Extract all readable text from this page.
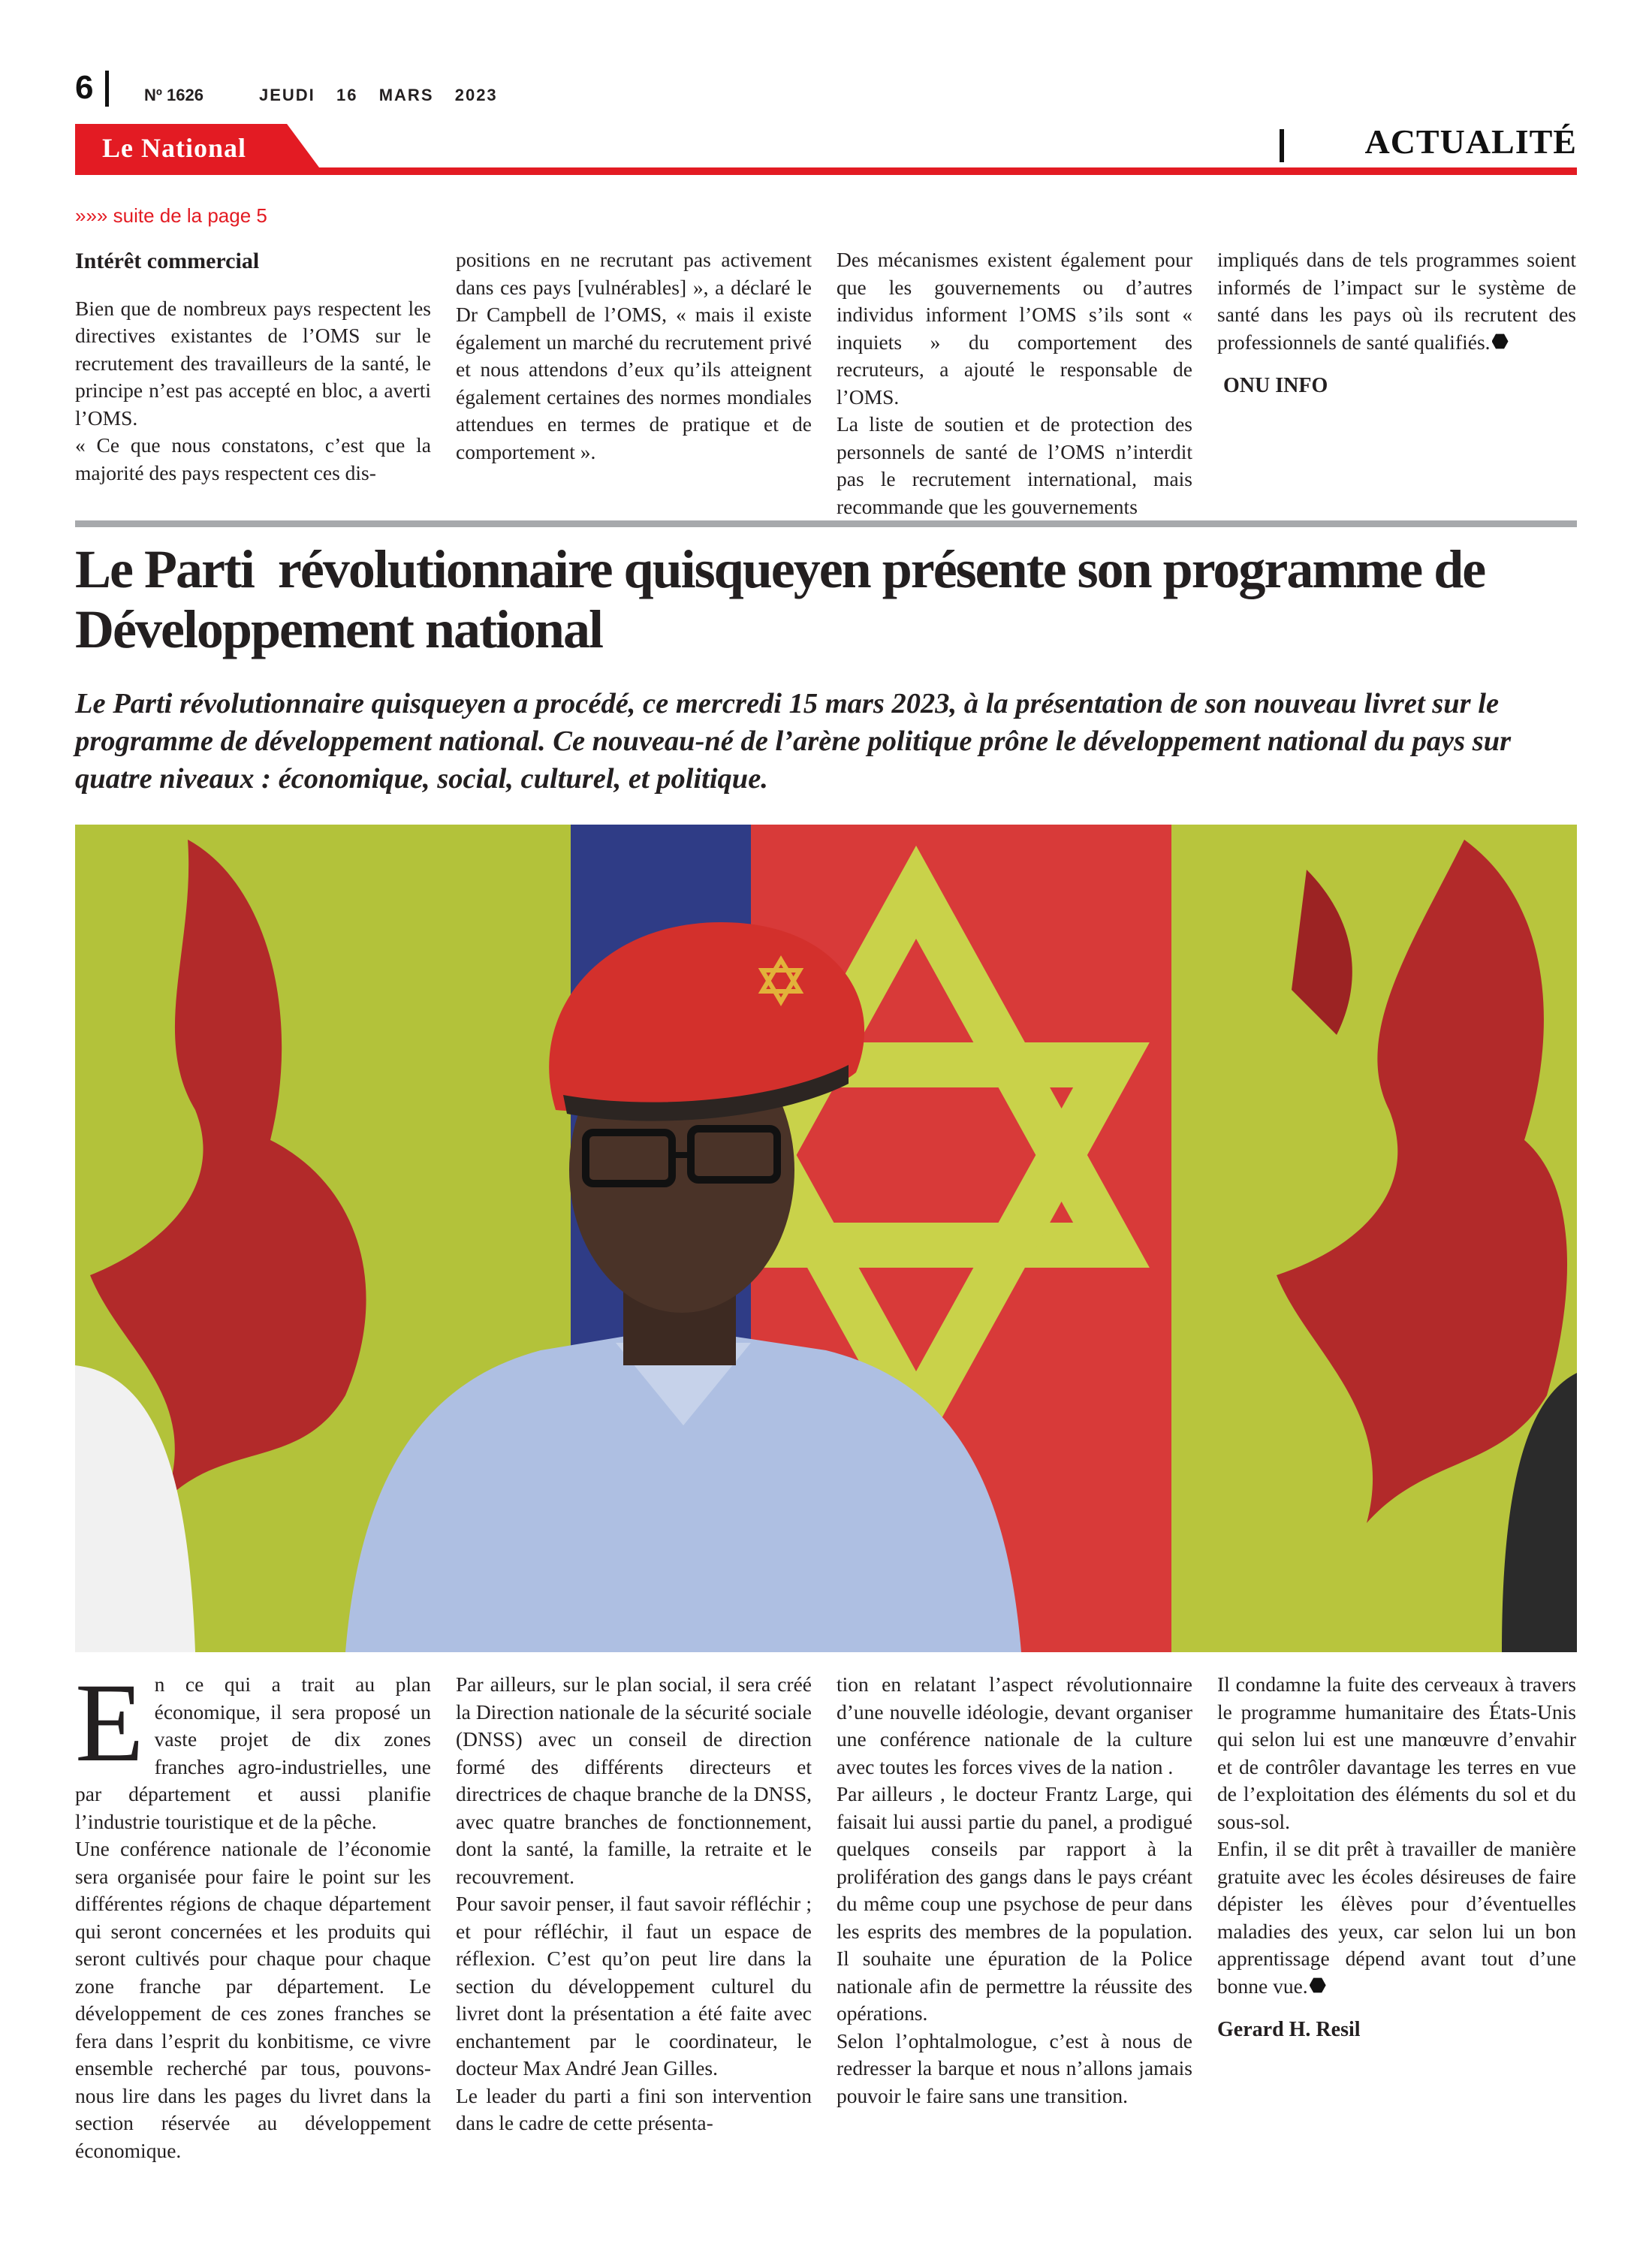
6	Nº 1626	JEUDI  16  MARS  2023
Le National	ACTUALITÉ
»»» suite de la page 5

Intérêt commercial

Bien que de nombreux pays respectent les directives existantes de l’OMS sur le recrutement des travailleurs de la santé, le principe n’est pas accepté en bloc, a averti l’OMS.

« Ce que nous constatons, c’est que la majorité des pays respectent ces dis-

positions en ne recrutant pas activement dans ces pays [vulnérables] », a déclaré le Dr Campbell de l’OMS, « mais il existe également un marché du recrutement privé et nous attendons d’eux qu’ils atteignent également certaines des normes mondiales attendues en termes de pratique et de comportement ».

Des mécanismes existent également pour que les gouvernements ou d’autres individus informent l’OMS s’ils sont « inquiets » du comportement des recruteurs, a ajouté le responsable de l’OMS.

La liste de soutien et de protection des personnels de santé de l’OMS n’interdit pas le recrutement international, mais recommande que les gouvernements

impliqués dans de tels programmes soient informés de l’impact sur le système de santé dans les pays où ils recrutent des professionnels de santé qualifiés.

ONU INFO

Le Parti  révolutionnaire quisqueyen présente son programme de Développement national

Le Parti révolutionnaire quisqueyen a procédé, ce mercredi 15 mars 2023, à la présentation de son nouveau livret sur le programme de développement national. Ce nouveau-né de l’arène politique prône le développement national du pays sur quatre niveaux : économique, social, culturel, et politique.

En ce qui a trait au plan économique, il sera proposé un vaste projet de dix zones franches agro-industrielles, une par département et aussi planifie l’industrie touristique et de la pêche.

Une conférence nationale de l’économie sera organisée pour faire le point sur les différentes régions de chaque département qui seront concernées et les produits qui seront cultivés pour chaque pour chaque zone franche par département. Le développement de ces zones franches se fera dans l’esprit du konbitisme, ce vivre ensemble recherché par tous, pouvons-nous lire dans les pages du livret dans la section réservée au développement économique.

Par ailleurs, sur le plan social, il sera créé la Direction nationale de la sécurité sociale (DNSS) avec un conseil de direction formé des différents directeurs et directrices de chaque branche de la DNSS, avec quatre branches de fonctionnement, dont la santé, la famille, la retraite et le recouvrement.

Pour savoir penser, il faut savoir réfléchir ; et pour réfléchir, il faut un espace de réflexion. C’est qu’on peut lire dans la section du développement culturel du livret dont la présentation a été faite avec enchantement par le coordinateur, le docteur Max André Jean Gilles.

Le leader du parti a fini son intervention dans le cadre de cette présenta-

tion en relatant l’aspect révolutionnaire d’une nouvelle idéologie, devant organiser une conférence nationale de la culture avec toutes les forces vives de la nation .

Par ailleurs , le docteur Frantz Large, qui faisait lui aussi partie du panel, a prodigué quelques conseils par rapport à la prolifération des gangs dans le pays créant du même coup une psychose de peur dans les esprits des membres de la population. Il souhaite une épuration de la Police nationale afin de permettre la réussite des opérations.

Selon l’ophtalmologue, c’est à nous de redresser la barque et nous n’allons jamais pouvoir le faire sans une transition.

Il condamne la fuite des cerveaux à travers le programme humanitaire des États-Unis qui selon lui est une manœuvre d’envahir et de contrôler davantage les terres en vue de l’exploitation des éléments du sol et du sous-sol.

Enfin, il se dit prêt à travailler de manière gratuite avec les écoles désireuses de faire dépister les élèves pour d’éventuelles maladies des yeux, car selon lui un bon apprentissage dépend avant tout d’une bonne vue.

Gerard H. Resil
